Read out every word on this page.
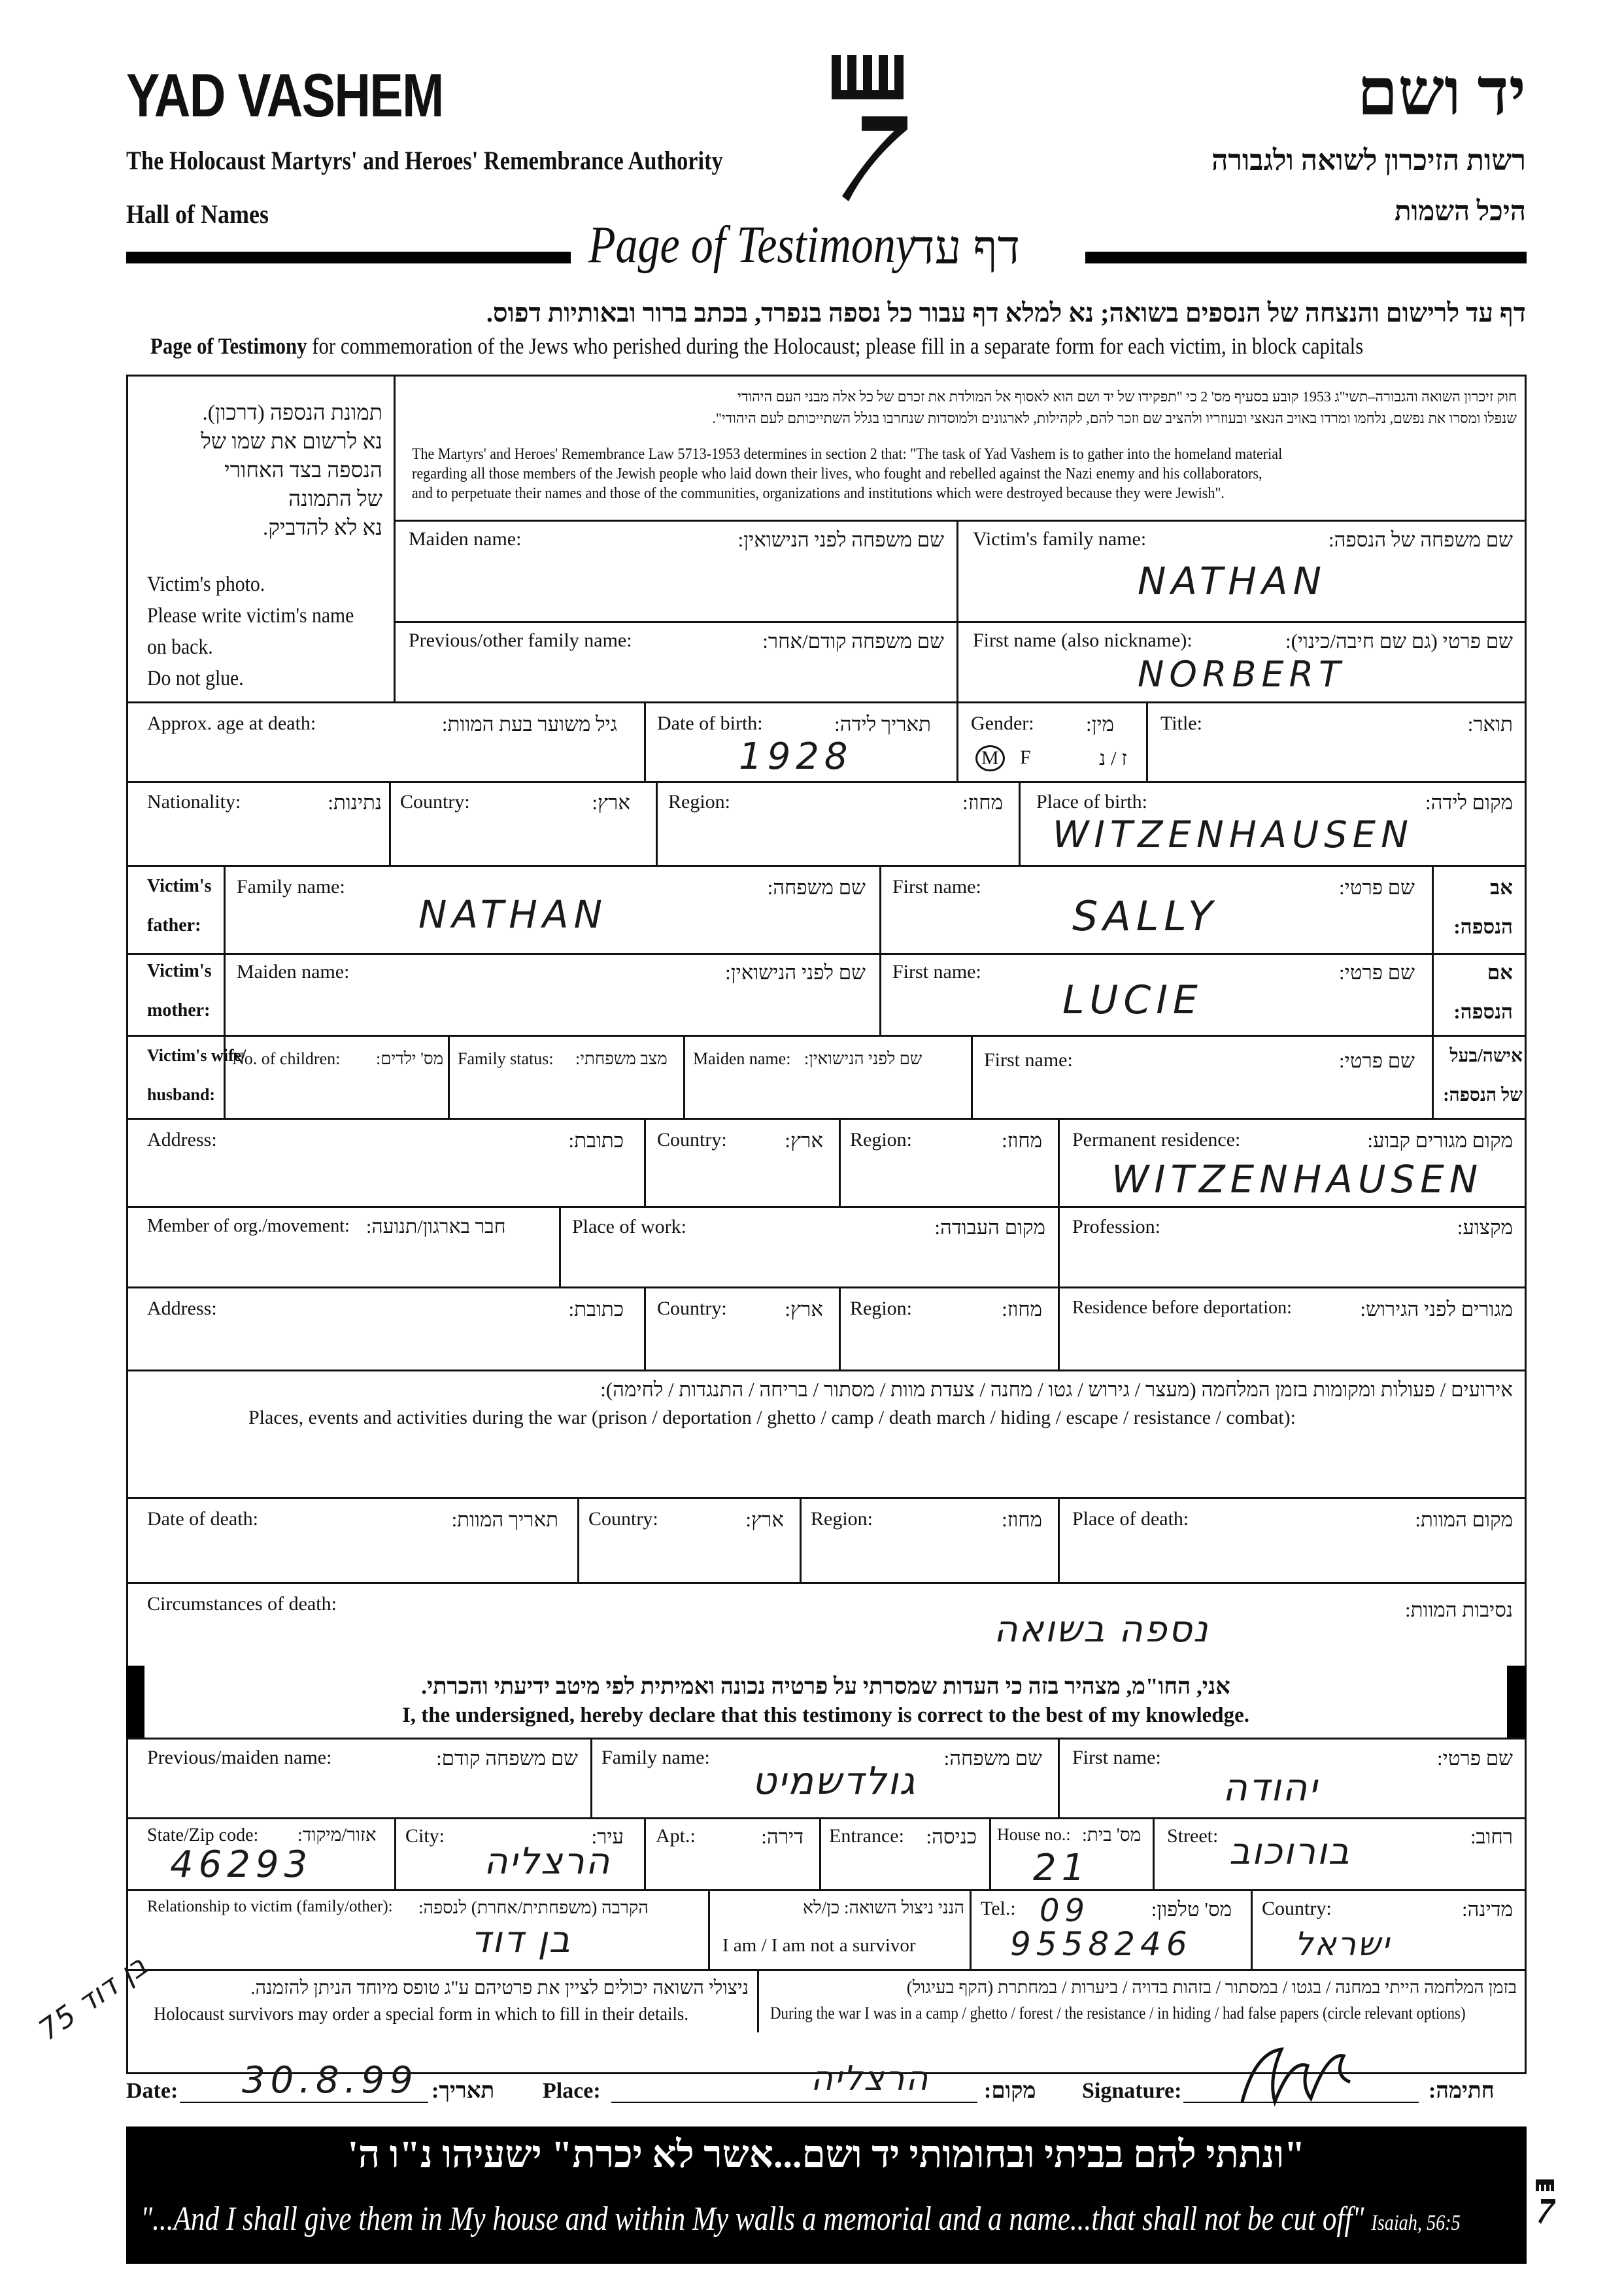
YAD VASHEM
The Holocaust Martyrs' and Heroes' Remembrance Authority
Hall of Names
יד ושם
רשות הזיכרון לשואה ולגבורה
היכל השמות
Page of Testimony
דף עד
דף עד לרישום והנצחה של הנספים בשואה; נא למלא דף עבור כל נספה בנפרד, בכתב ברור ובאותיות דפוס.
Page of Testimony for commemoration of the Jews who perished during the Holocaust; please fill in a separate form for each victim, in block capitals
תמונת הנספה (דרכון).
נא לרשום את שמו של
הנספה בצד האחורי
של התמונה
נא לא להדביק.
Victim's photo.
Please write victim's name
on back.
Do not glue.
חוק זיכרון השואה והגבורה–תשי"ג 1953 קובע בסעיף מס' 2 כי "תפקידו של יד ושם הוא לאסוף אל המולדת את זכרם של כל אלה מבני העם היהודי
שנפלו ומסרו את נפשם, נלחמו ומרדו באויב הנאצי ובעוזריו ולהציב שם וזכר להם, לקהילות, לארגונים ולמוסדות שנחרבו בגלל השתייכותם לעם היהודי".
The Martyrs' and Heroes' Remembrance Law 5713-1953 determines in section 2 that: "The task of Yad Vashem is to gather into the homeland material
regarding all those members of the Jewish people who laid down their lives, who fought and rebelled against the Nazi enemy and his collaborators,
and to perpetuate their names and those of the communities, organizations and institutions which were destroyed because they were Jewish".
Maiden name:	שם משפחה לפני הנישואין: Victim's family name:	שם משפחה של הנספה:
NATHAN
Previous/other family name:	שם משפחה קודם/אחר: First name (also nickname):	שם פרטי (גם שם חיבה/כינוי):
NORBERT
Approx. age at death:	גיל משוער בעת המוות: Date of birth:	תאריך לידה:
1928
Gender:	מין:
M	F	ז / נ
Title:	תואר:
Nationality:	נתינות: Country:	ארץ: Region:	מחוז: Place of birth:	מקום לידה:
WITZENHAUSEN
Victim's
father:
Family name:	שם משפחה:
NATHAN
First name:	שם פרטי:
SALLY
אב
הנספה:
Victim's
mother:
Maiden name:	שם לפני הנישואין: First name:	שם פרטי:
LUCIE
אם
הנספה:
Victim's wife/
husband:
No. of children: מס' ילדים: Family status: מצב משפחתי: Maiden name: שם לפני הנישואין:	First name:	שם פרטי: אישה/בעל
של הנספה:
Address:	כתובת: Country:	ארץ: Region:	מחוז: Permanent residence:	מקום מגורים קבוע:
WITZENHAUSEN
Member of org./movement: חבר בארגון/תנועה:	Place of work:	מקום העבודה: Profession:	מקצוע:
Address:	כתובת: Country:	ארץ: Region:	מחוז: Residence before deportation:	מגורים לפני הגירוש:
אירועים / פעולות ומקומות בזמן המלחמה (מעצר / גירוש / גטו / מחנה / צעדת מוות / מסתור / בריחה / התנגדות / לחימה):
Places, events and activities during the war (prison / deportation / ghetto / camp / death march / hiding / escape / resistance / combat):
Date of death:	תאריך המוות: Country:	ארץ: Region:	מחוז: Place of death:	מקום המוות:
Circumstances of death:	נסיבות המוות:
נספה בשואה
אני, החו"מ, מצהיר בזה כי העדות שמסרתי על פרטיה נכונה ואמיתית לפי מיטב ידיעתי והכרתי.
I, the undersigned, hereby declare that this testimony is correct to the best of my knowledge.
Previous/maiden name:	שם משפחה קודם: Family name:	שם משפחה:
גולדשמיט
First name:	שם פרטי:
יהודה
State/Zip code: אזור/מיקוד:
46293
City:	עיר:
הרצליה
Apt.:	דירה: Entrance: כניסה: House no.: מס' בית:
21
Street:	רחוב:
בורוכוב
Relationship to victim (family/other): הקרבה (משפחתית/אחרת) לנספה:
בן דוד
הנני ניצול השואה: כן/לא
I am / I am not a survivor
Tel.: 09	מס' טלפון:
9558246
Country:	מדינה:
ישראל
ניצולי השואה יכולים לציין את פרטיהם ע"ג טופס מיוחד הניתן להזמנה.
Holocaust survivors may order a special form in which to fill in their details.
בזמן המלחמה הייתי במחנה / בגטו / במסתור / בזהות בדויה / ביערות / במחתרת (הקף בעיגול)
During the war I was in a camp / ghetto / forest / the resistance / in hiding / had false papers (circle relevant options)
Date: 30.8.99 תאריך: Place:	הרצליה מקום: Signature:	חתימה:
בן דוד 75
"ונתתי להם בביתי ובחומותי יד ושם...אשר לא יכרת" ישעיהו נ"ו ה'
"...And I shall give them in My house and within My walls a memorial and a name...that shall not be cut off" Isaiah, 56:5
